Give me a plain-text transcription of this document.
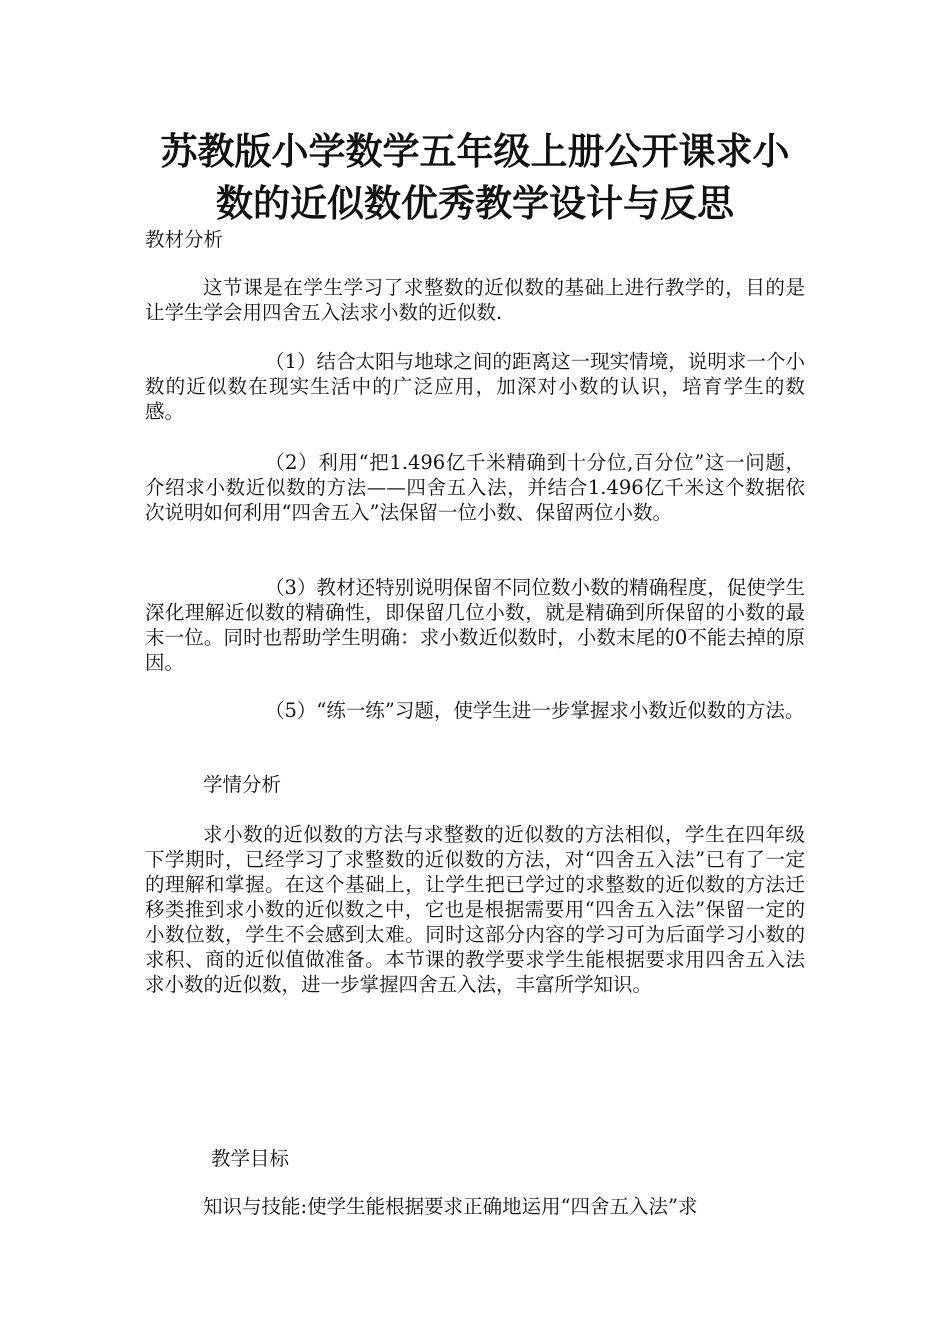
苏教版小学数学五年级上册公开课求小数的近似数优秀教学设计与反思
教材分析
这节课是在学生学习了求整数的近似数的基础上进行教学的，目的是让学生学会用四舍五入法求小数的近似数.
（1）结合太阳与地球之间的距离这一现实情境，说明求一个小数的近似数在现实生活中的广泛应用，加深对小数的认识，培育学生的数感。
（2）利用“把1.496亿千米精确到十分位,百分位”这一问题，介绍求小数近似数的方法——四舍五入法，并结合1.496亿千米这个数据依次说明如何利用“四舍五入”法保留一位小数、保留两位小数。
（3）教材还特别说明保留不同位数小数的精确程度，促使学生深化理解近似数的精确性，即保留几位小数，就是精确到所保留的小数的最末一位。同时也帮助学生明确：求小数近似数时，小数末尾的0不能去掉的原因。
（5）“练一练”习题，使学生进一步掌握求小数近似数的方法。
学情分析
求小数的近似数的方法与求整数的近似数的方法相似，学生在四年级下学期时，已经学习了求整数的近似数的方法，对“四舍五入法”已有了一定的理解和掌握。在这个基础上，让学生把已学过的求整数的近似数的方法迁移类推到求小数的近似数之中，它也是根据需要用“四舍五入法”保留一定的小数位数，学生不会感到太难。同时这部分内容的学习可为后面学习小数的求积、商的近似值做准备。本节课的教学要求学生能根据要求用四舍五入法求小数的近似数，进一步掌握四舍五入法，丰富所学知识。
教学目标
知识与技能:使学生能根据要求正确地运用“四舍五入法”求
